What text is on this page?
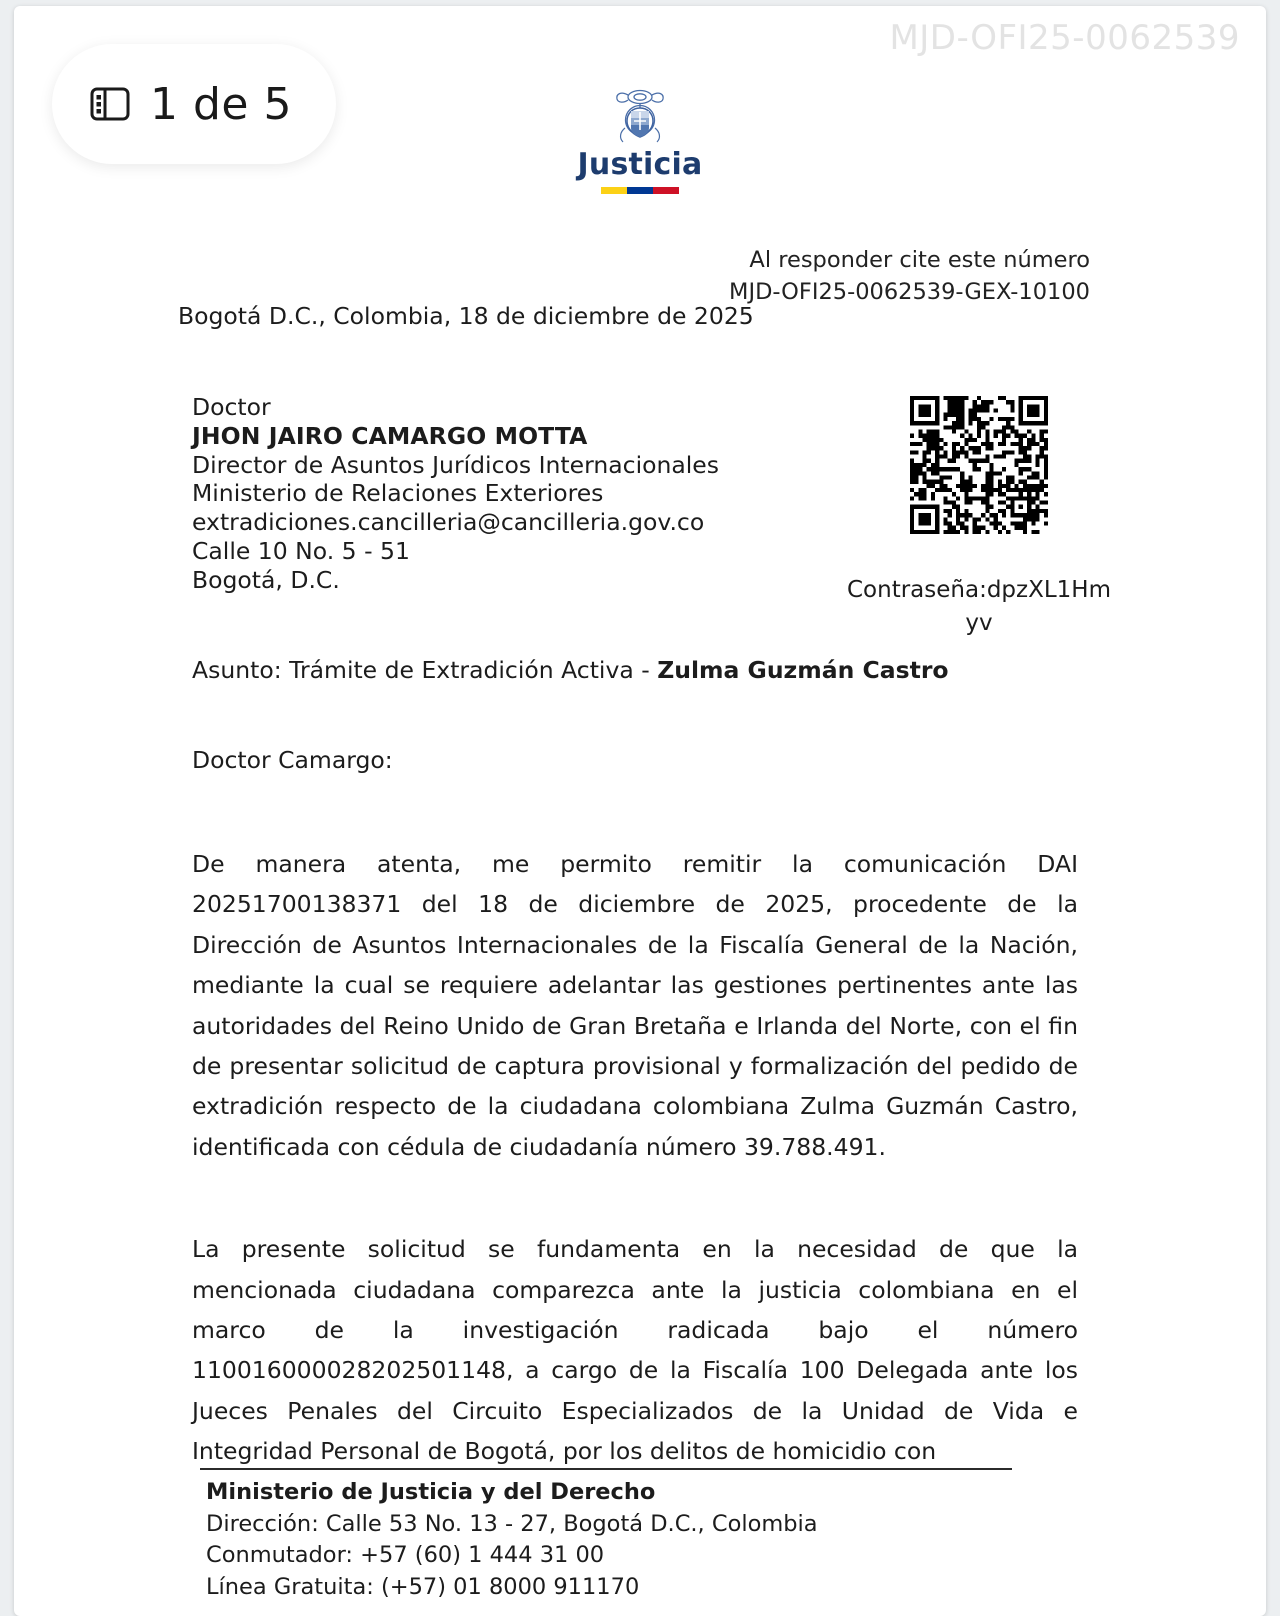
MJD-OFI25-0062539
Justicia
Al responder cite este número
MJD-OFI25-0062539-GEX-10100
Bogotá D.C., Colombia, 18 de diciembre de 2025
Doctor
JHON JAIRO CAMARGO MOTTA
Director de Asuntos Jurídicos Internacionales
Ministerio de Relaciones Exteriores
extradiciones.cancilleria@cancilleria.gov.co
Calle 10 No. 5 - 51
Bogotá, D.C.	Contraseña:dpzXL1Hmyv
Asunto: Trámite de Extradición Activa - Zulma Guzmán Castro
Doctor Camargo:

De manera atenta, me permito remitir la comunicación DAI 20251700138371 del 18 de diciembre de 2025, procedente de la Dirección de Asuntos Internacionales de la Fiscalía General de la Nación, mediante la cual se requiere adelantar las gestiones pertinentes ante las autoridades del Reino Unido de Gran Bretaña e Irlanda del Norte, con el fin de presentar solicitud de captura provisional y formalización del pedido de extradición respecto de la ciudadana colombiana Zulma Guzmán Castro, identificada con cédula de ciudadanía número 39.788.491.

La presente solicitud se fundamenta en la necesidad de que la mencionada ciudadana comparezca ante la justicia colombiana en el marco de la investigación radicada bajo el número 110016000028202501148, a cargo de la Fiscalía 100 Delegada ante los Jueces Penales del Circuito Especializados de la Unidad de Vida e Integridad Personal de Bogotá, por los delitos de homicidio con

Ministerio de Justicia y del Derecho
Dirección: Calle 53 No. 13 - 27, Bogotá D.C., Colombia
Conmutador: +57 (60) 1 444 31 00
Línea Gratuita: (+57) 01 8000 911170
1 de 5
